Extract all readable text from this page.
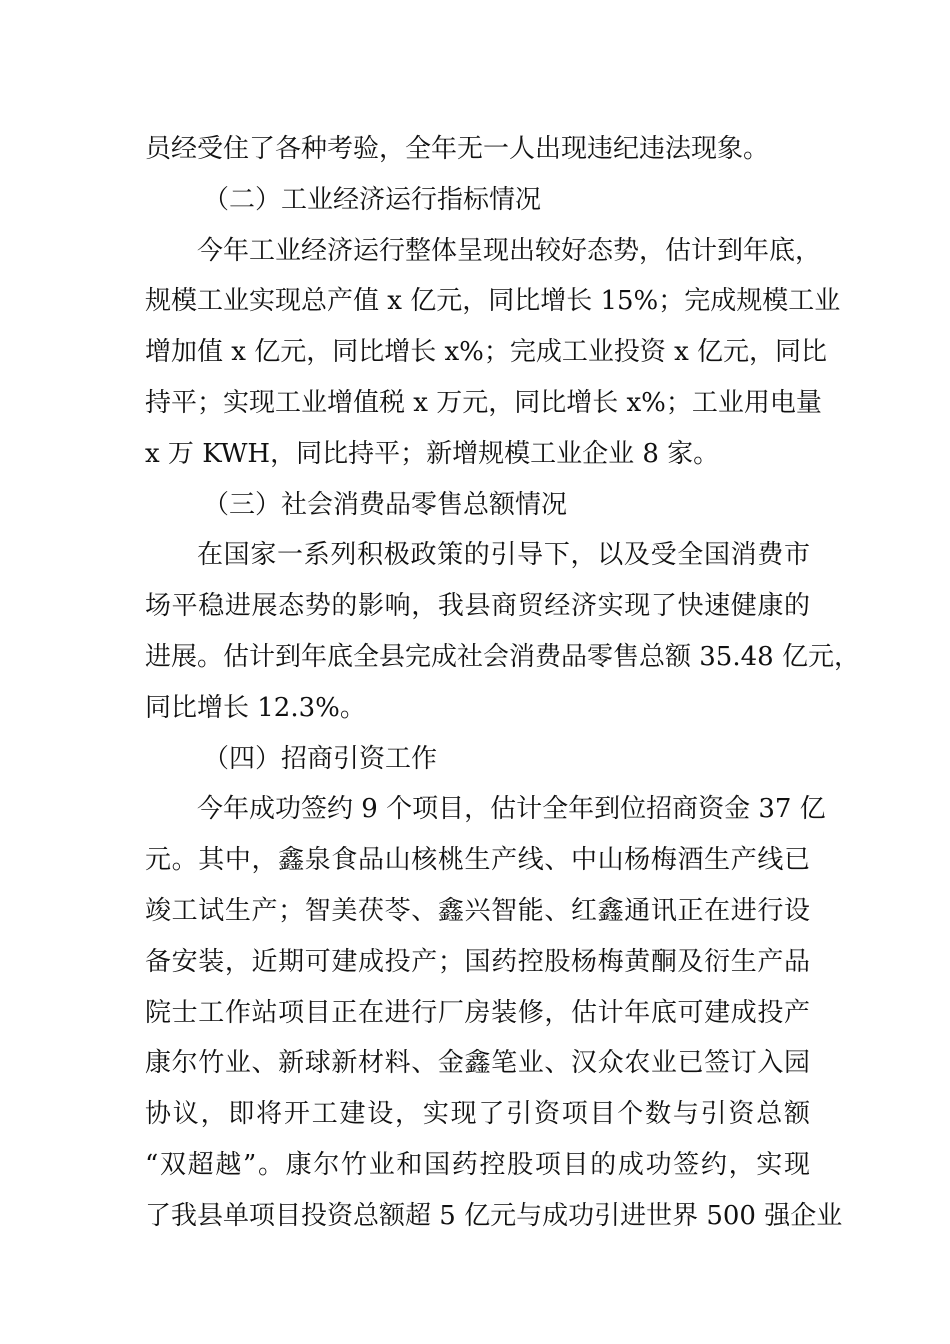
员经受住了各种考验，全年无一人出现违纪违法现象。
（二）工业经济运行指标情况
今年工业经济运行整体呈现出较好态势，估计到年底，
规模工业实现总产值 x 亿元，同比增长 15%；完成规模工业
增加值 x 亿元，同比增长 x%；完成工业投资 x 亿元，同比
持平；实现工业增值税 x 万元，同比增长 x%；工业用电量
x 万 KWH，同比持平；新增规模工业企业 8 家。
（三）社会消费品零售总额情况
在国家一系列积极政策的引导下，以及受全国消费市
场平稳进展态势的影响，我县商贸经济实现了快速健康的
进展。估计到年底全县完成社会消费品零售总额 35.48 亿元，
同比增长 12.3%。
（四）招商引资工作
今年成功签约 9 个项目，估计全年到位招商资金 37 亿
元。其中，鑫泉食品山核桃生产线、中山杨梅酒生产线已
竣工试生产；智美茯苓、鑫兴智能、红鑫通讯正在进行设
备安装，近期可建成投产；国药控股杨梅黄酮及衍生产品
院士工作站项目正在进行厂房装修，估计年底可建成投产
康尔竹业、新球新材料、金鑫笔业、汉众农业已签订入园
协议，即将开工建设，实现了引资项目个数与引资总额
“双超越”。康尔竹业和国药控股项目的成功签约，实现
了我县单项目投资总额超 5 亿元与成功引进世界 500 强企业
